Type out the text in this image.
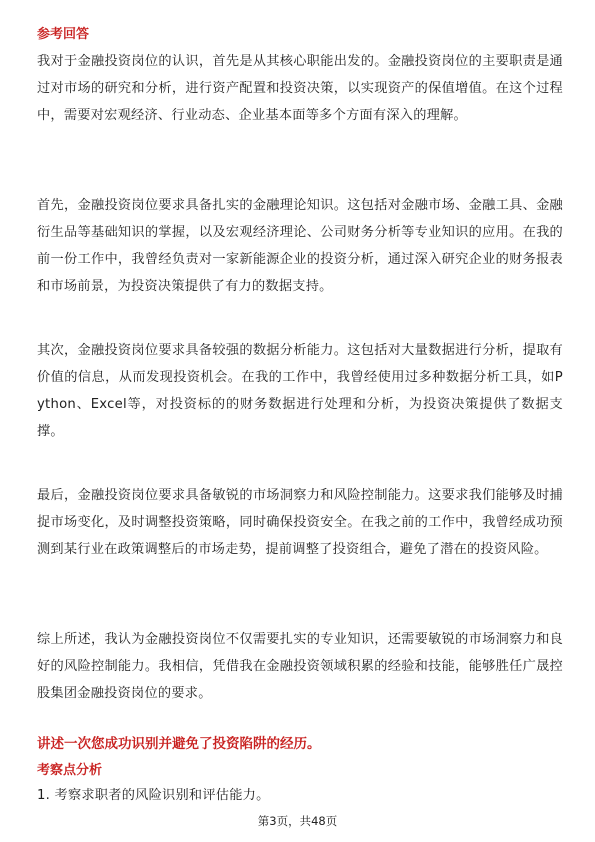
参考回答
我对于金融投资岗位的认识，首先是从其核心职能出发的。金融投资岗位的主要职责是通过对市场的研究和分析，进行资产配置和投资决策，以实现资产的保值增值。在这个过程中，需要对宏观经济、行业动态、企业基本面等多个方面有深入的理解。
首先，金融投资岗位要求具备扎实的金融理论知识。这包括对金融市场、金融工具、金融衍生品等基础知识的掌握，以及宏观经济理论、公司财务分析等专业知识的应用。在我的前一份工作中，我曾经负责对一家新能源企业的投资分析，通过深入研究企业的财务报表和市场前景，为投资决策提供了有力的数据支持。
其次，金融投资岗位要求具备较强的数据分析能力。这包括对大量数据进行分析，提取有价值的信息，从而发现投资机会。在我的工作中，我曾经使用过多种数据分析工具，如Python、Excel等，对投资标的的财务数据进行处理和分析，为投资决策提供了数据支撑。
最后，金融投资岗位要求具备敏锐的市场洞察力和风险控制能力。这要求我们能够及时捕捉市场变化，及时调整投资策略，同时确保投资安全。在我之前的工作中，我曾经成功预测到某行业在政策调整后的市场走势，提前调整了投资组合，避免了潜在的投资风险。
综上所述，我认为金融投资岗位不仅需要扎实的专业知识，还需要敏锐的市场洞察力和良好的风险控制能力。我相信，凭借我在金融投资领域积累的经验和技能，能够胜任广晟控股集团金融投资岗位的要求。
讲述一次您成功识别并避免了投资陷阱的经历。
考察点分析
1. 考察求职者的风险识别和评估能力。
第3页，共48页
